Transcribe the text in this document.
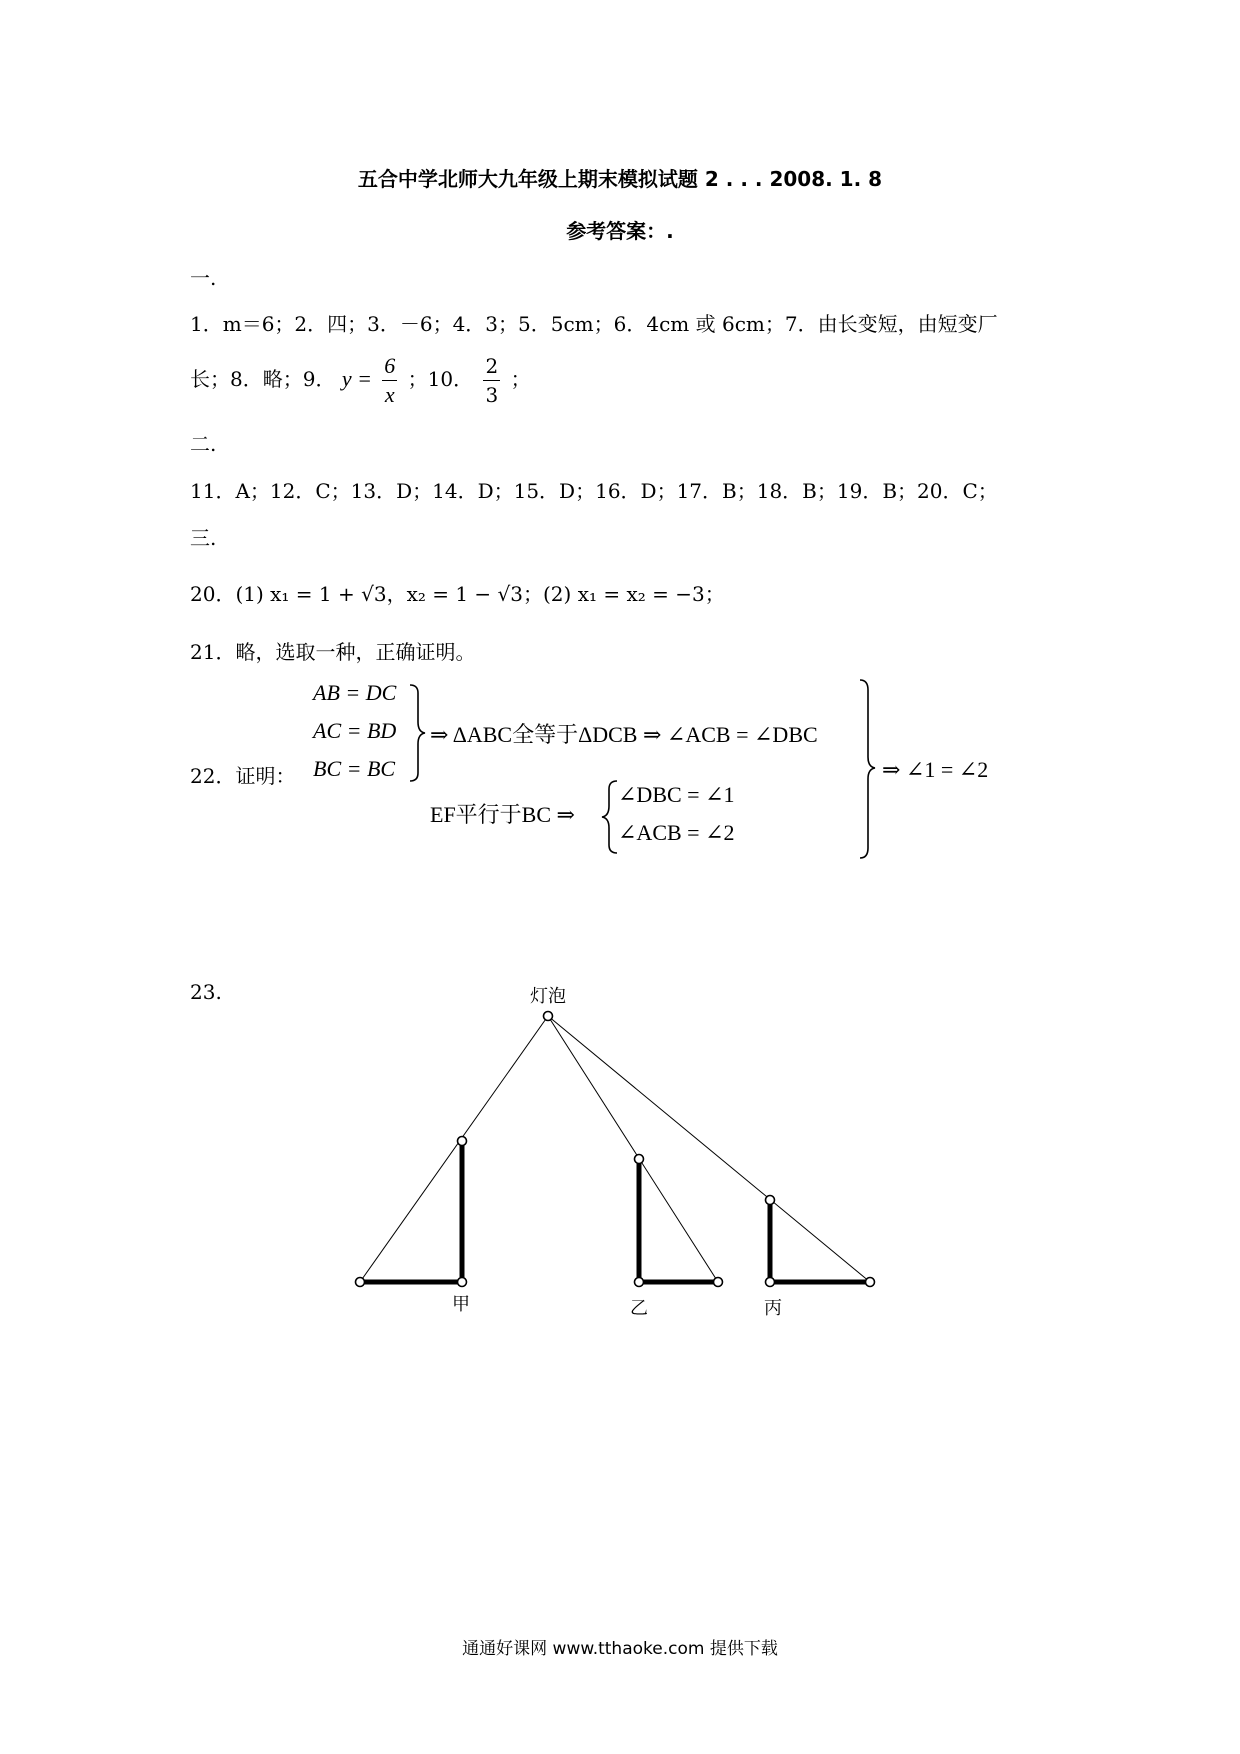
五合中学北师大九年级上期末模拟试题 2 . . . 2008. 1. 8
参考答案：.
一.
1．m＝6；2．四；3．－6；4．3；5．5cm；6．4cm 或 6cm；7．由长变短，由短变厂
长；8．略；9． $y = \frac{6}{x}$ ；10． $\frac{2}{3}$ ；
二.
11．A；12．C；13．D；14．D；15．D；16．D；17．B；18．B；19．B；20．C；
三.
20．(1) x₁ = 1 + √3，x₂ = 1 − √3；(2) x₁ = x₂ = −3；
21．略，选取一种，正确证明。
22．证明：
AB = DC
AC = BD
BC = BC
⇒ ΔABC全等于ΔDCB ⇒ ∠ACB = ∠DBC
EF平行于BC ⇒
∠DBC = ∠1
∠ACB = ∠2
⇒ ∠1 = ∠2
23.	灯泡
甲	乙	丙
通通好课网 www.tthaoke.com 提供下载
